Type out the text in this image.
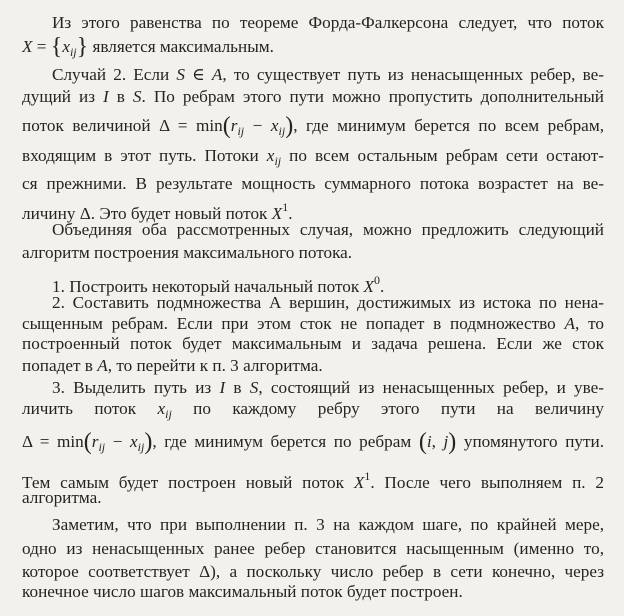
Из этого равенства по теореме Форда-Фалкерсона следует, что поток
$X = \{x_{ij}\}$ является максимальным.
Случай 2. Если S ∈ A, то существует путь из ненасыщенных ребер, ве-
дущий из I в S. По ребрам этого пути можно пропустить дополнительный
поток величиной $\Delta = \min(r_{ij} - x_{ij})$, где минимум берется по всем ребрам,
входящим в этот путь. Потоки $x_{ij}$ по всем остальным ребрам сети остают-
ся прежними. В результате мощность суммарного потока возрастет на ве-
личину Δ. Это будет новый поток $X^1$.
Объединяя оба рассмотренных случая, можно предложить следующий
алгоритм построения максимального потока.
1. Построить некоторый начальный поток $X^0$.
2. Составить подмножества А вершин, достижимых из истока по нена-
сыщенным ребрам. Если при этом сток не попадет в подмножество A, то
построенный поток будет максимальным и задача решена. Если же сток
попадет в A, то перейти к п. 3 алгоритма.
3. Выделить путь из I в S, состоящий из ненасыщенных ребер, и уве-
личить поток $x_{ij}$ по каждому ребру этого пути на величину
$\Delta = \min(r_{ij} - x_{ij})$, где минимум берется по ребрам (i, j) упомянутого пути.
Тем самым будет построен новый поток $X^1$. После чего выполняем п. 2
алгоритма.
Заметим, что при выполнении п. 3 на каждом шаге, по крайней мере,
одно из ненасыщенных ранее ребер становится насыщенным (именно то,
которое соответствует Δ), а поскольку число ребер в сети конечно, через
конечное число шагов максимальный поток будет построен.
